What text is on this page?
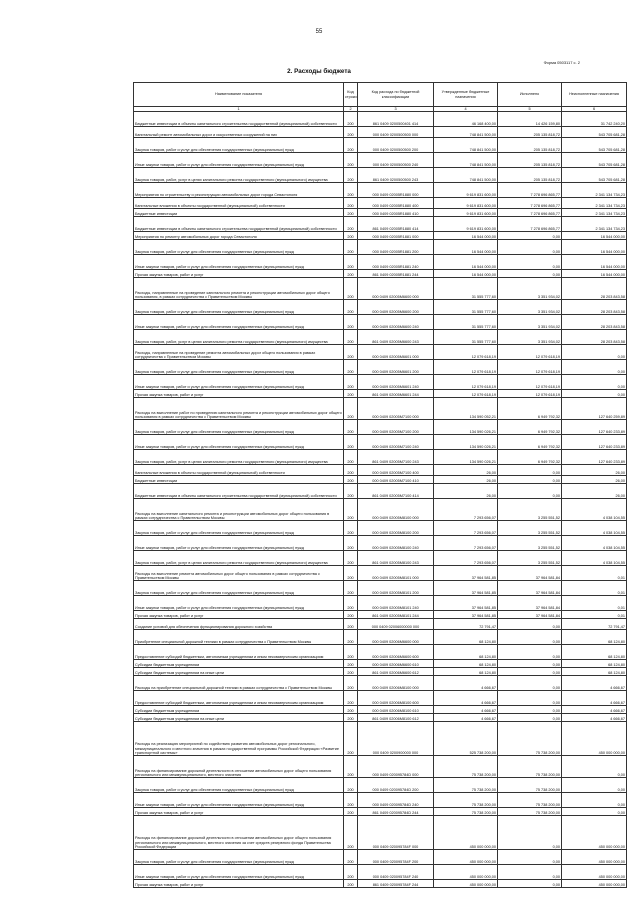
55
Форма 0503117 с. 2
2. Расходы бюджета
Наименование показателя	Код строки	Код расхода по бюджетной классификации	Утвержденные бюджетные назначения	Исполнено	Неисполненные назначения
1	2	3	4	5	6
Бюджетные инвестиции в объекты капитального строительства государственной (муниципальной) собственности	200	861 0409 0200500401 414	46 168 400,00	14 426 159,80	31 742 240,20
Капитальный ремонт автомобильных дорог и искусственных сооружений на них	200	000 0409 0200500500 000	748 841 500,00	205 135 818,72	543 705 681,28
Закупка товаров, работ и услуг для обеспечения государственных (муниципальных) нужд	200	000 0409 0200500500 200	748 841 500,00	205 135 818,72	543 705 681,28
Иные закупки товаров, работ и услуг для обеспечения государственных (муниципальных) нужд	200	000 0409 0200500500 240	748 841 500,00	205 135 818,72	543 705 681,28
Закупка товаров, работ, услуг в целях капитального ремонта государственного (муниципального) имущества	200	861 0409 0200500500 243	748 841 500,00	205 135 818,72	543 705 681,28
Мероприятия по строительству и реконструкции автомобильных дорог города Севастополя	200	000 0409 02005R1880 000	9 619 831 600,00	7 278 696 865,77	2 341 134 734,23
Капитальные вложения в объекты государственной (муниципальной) собственности	200	000 0409 02005R1880 400	9 619 831 600,00	7 278 696 865,77	2 341 134 734,23
Бюджетные инвестиции	200	000 0409 02005R1880 410	9 619 831 600,00	7 278 696 865,77	2 341 134 734,23
Бюджетные инвестиции в объекты капитального строительства государственной (муниципальной) собственности	200	861 0409 02005R1880 414	9 619 831 600,00	7 278 696 865,77	2 341 134 734,23
Мероприятия по ремонту автомобильных дорог города Севастополя	200	000 0409 02005R1881 000	16 544 000,00	0,00	16 544 000,00
Закупка товаров, работ и услуг для обеспечения государственных (муниципальных) нужд	200	000 0409 02005R1881 200	16 544 000,00	0,00	16 544 000,00
Иные закупки товаров, работ и услуг для обеспечения государственных (муниципальных) нужд	200	000 0409 02005R1881 240	16 544 000,00	0,00	16 544 000,00
Прочая закупка товаров, работ и услуг	200	861 0409 02005R1881 244	16 544 000,00	0,00	16 544 000,00
Расходы, направленные на проведение капитального ремонта и реконструкции автомобильных дорог общего пользования, в рамках сотрудничества с Правительством Москвы	200	000 0409 02005M6600 000	31 555 777,60	3 351 934,02	28 203 843,58
Закупка товаров, работ и услуг для обеспечения государственных (муниципальных) нужд	200	000 0409 02005M6600 200	31 555 777,60	3 351 934,02	28 203 843,58
Иные закупки товаров, работ и услуг для обеспечения государственных (муниципальных) нужд	200	000 0409 02005M6600 240	31 555 777,60	3 351 934,02	28 203 843,58
Закупка товаров, работ, услуг в целях капитального ремонта государственного (муниципального) имущества	200	861 0409 02005M6600 243	31 555 777,60	3 351 934,02	28 203 843,58
Расходы, направленные на проведение ремонта автомобильных дорог общего пользования в рамках сотрудничества с Правительством Москвы	200	000 0409 02005M6601 000	12 079 618,19	12 079 618,19	0,00
Закупка товаров, работ и услуг для обеспечения государственных (муниципальных) нужд	200	000 0409 02005M6601 200	12 079 618,19	12 079 618,19	0,00
Иные закупки товаров, работ и услуг для обеспечения государственных (муниципальных) нужд	200	000 0409 02005M6601 240	12 079 618,19	12 079 618,19	0,00
Прочая закупка товаров, работ и услуг	200	861 0409 02005M6601 244	12 079 618,19	12 079 618,19	0,00
Расходы на выполнение работ по проведению капитального ремонта и реконструкции автомобильных дорог общего пользования в рамках сотрудничества с Правительством Москвы	200	000 0409 02005M7100 000	134 590 052,21	6 949 792,32	127 640 259,89
Закупка товаров, работ и услуг для обеспечения государственных (муниципальных) нужд	200	000 0409 02005M7100 200	134 590 026,21	6 949 792,32	127 640 233,89
Иные закупки товаров, работ и услуг для обеспечения государственных (муниципальных) нужд	200	000 0409 02005M7100 240	134 590 026,21	6 949 792,32	127 640 233,89
Закупка товаров, работ, услуг в целях капитального ремонта государственного (муниципального) имущества	200	861 0409 02005M7100 243	134 590 026,21	6 949 792,32	127 640 233,89
Капитальные вложения в объекты государственной (муниципальной) собственности	200	000 0409 02005M7100 400	26,00	0,00	26,00
Бюджетные инвестиции	200	000 0409 02005M7100 410	26,00	0,00	26,00
Бюджетные инвестиции в объекты капитального строительства государственной (муниципальной) собственности	200	861 0409 02005M7100 414	26,00	0,00	26,00
Расходы на выполнение капитального ремонта и реконструкции автомобильных дорог общего пользования в рамках сотрудничества с Правительством Москвы	200	000 0409 02005M8100 000	7 293 656,07	3 255 551,52	4 038 104,55
Закупка товаров, работ и услуг для обеспечения государственных (муниципальных) нужд	200	000 0409 02005M8100 200	7 293 656,07	3 255 551,52	4 038 104,55
Иные закупки товаров, работ и услуг для обеспечения государственных (муниципальных) нужд	200	000 0409 02005M8100 240	7 293 656,07	3 255 551,52	4 038 104,55
Закупка товаров, работ, услуг в целях капитального ремонта государственного (муниципального) имущества	200	861 0409 02005M8100 243	7 293 656,07	3 255 551,52	4 038 104,55
Расходы на выполнение ремонта автомобильных дорог общего пользования в рамках сотрудничества с Правительством Москвы	200	000 0409 02005M8101 000	37 964 581,85	37 964 581,84	0,01
Закупка товаров, работ и услуг для обеспечения государственных (муниципальных) нужд	200	000 0409 02005M8101 200	37 964 581,85	37 964 581,84	0,01
Иные закупки товаров, работ и услуг для обеспечения государственных (муниципальных) нужд	200	000 0409 02005M8101 240	37 964 581,85	37 964 581,84	0,01
Прочая закупка товаров, работ и услуг	200	861 0409 02005M8101 244	37 964 581,85	37 964 581,84	0,01
Создание условий для обеспечения функционирования дорожного хозяйства	200	000 0409 02006000000 000	72 791,47	0,00	72 791,47
Приобретение специальной дорожной техники в рамках сотрудничества с Правительством Москвы	200	000 0409 02006M6600 000	68 124,80	0,00	68 124,80
Предоставление субсидий бюджетным, автономным учреждениям и иным некоммерческим организациям	200	000 0409 02006M6600 600	68 124,80	0,00	68 124,80
Субсидии бюджетным учреждениям	200	000 0409 02006M6600 610	68 124,80	0,00	68 124,80
Субсидии бюджетным учреждениям на иные цели	200	861 0409 02006M6600 612	68 124,80	0,00	68 124,80
Расходы на приобретение специальной дорожной техники в рамках сотрудничества с Правительством Москвы	200	000 0409 02006M8100 000	4 666,67	0,00	4 666,67
Предоставление субсидий бюджетным, автономным учреждениям и иным некоммерческим организациям	200	000 0409 02006M8100 600	4 666,67	0,00	4 666,67
Субсидии бюджетным учреждениям	200	000 0409 02006M8100 610	4 666,67	0,00	4 666,67
Субсидии бюджетным учреждениям на иные цели	200	861 0409 02006M8100 612	4 666,67	0,00	4 666,67
Расходы на реализацию мероприятий по содействию развитию автомобильных дорог регионального, межмуниципального и местного значения в рамках государственной программы Российской Федерации «Развитие транспортной системы»	200	000 0409 0200900000 000	525 738 200,00	75 738 200,00	450 000 000,00
Расходы на финансирование дорожной деятельности в отношении автомобильных дорог общего пользования регионального или межмуниципального, местного значения	200	000 0409 020095784D 000	75 738 200,00	75 738 200,00	0,00
Закупка товаров, работ и услуг для обеспечения государственных (муниципальных) нужд	200	000 0409 020095784D 200	75 738 200,00	75 738 200,00	0,00
Иные закупки товаров, работ и услуг для обеспечения государственных (муниципальных) нужд	200	000 0409 020095784D 240	75 738 200,00	75 738 200,00	0,00
Прочая закупка товаров, работ и услуг	200	861 0409 020095784D 244	75 738 200,00	75 738 200,00	0,00
Расходы на финансирование дорожной деятельности в отношении автомобильных дорог общего пользования регионального или межмуниципального, местного значения за счет средств резервного фонда Правительства Российской Федерации	200	000 0409 020095784F 000	450 000 000,00	0,00	450 000 000,00
Закупка товаров, работ и услуг для обеспечения государственных (муниципальных) нужд	200	000 0409 020095784F 200	450 000 000,00	0,00	450 000 000,00
Иные закупки товаров, работ и услуг для обеспечения государственных (муниципальных) нужд	200	000 0409 020095784F 240	450 000 000,00	0,00	450 000 000,00
Прочая закупка товаров, работ и услуг	200	861 0409 020095784F 244	450 000 000,00	0,00	450 000 000,00
